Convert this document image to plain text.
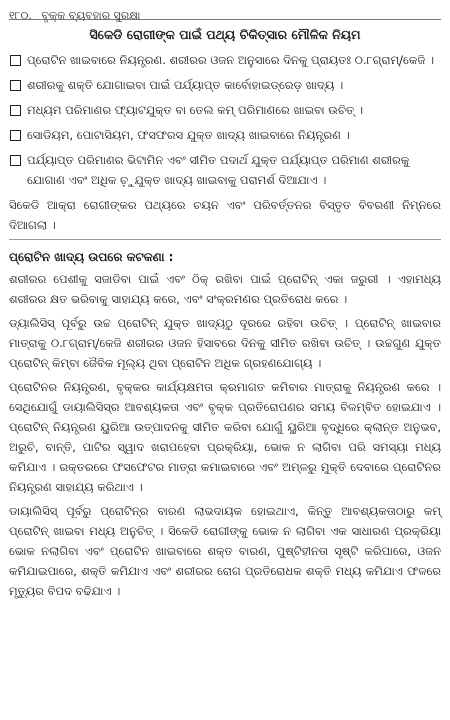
୧୮୦. ବୃକ୍କ ବ୍ୟବହାର ସୁରକ୍ଷା
ସିକେଡି ରୋଗୀଙ୍କ ପାଇଁ ପଥ୍ୟ ଚିକିତ୍ସାର ମୌଳିକ ନିୟମ
ପ୍ରୋଟିନ ଖାଇବାରେ ନିୟନ୍ତ୍ରଣ. ଶରୀରର ଓଜନ ଅନୁସାରେ ଦିନକୁ ପ୍ରାୟତଃ ୦.୮ଗ୍ରାମ୍/କେଜି ।
ଶରୀରକୁ ଶକ୍ତି ଯୋଗାଇବା ପାଇଁ ପର୍ଯ୍ୟାପ୍ତ କାର୍ବୋହାଇଡ୍ରେଡ଼ ଖାଦ୍ୟ ।
ମଧ୍ୟମ ପରିମାଣର ଫ୍ୟାଟଯୁକ୍ତ ବା ତେଲ କମ୍ ପରିମାଣରେ ଖାଇବା ଉଚିତ୍ ।
ସୋଡିୟମ, ପୋଟାସିୟମ, ଫସଫରସ ଯୁକ୍ତ ଖାଦ୍ୟ ଖାଇବାରେ ନିୟନ୍ତ୍ରଣ ।
ପର୍ଯ୍ୟାପ୍ତ ପରିମାଣର ଭିଟାମିନ ଏବଂ ସୀମିତ ପଦାର୍ଥ ଯୁକ୍ତ ପର୍ଯ୍ୟାପ୍ତ ପରିମାଣ ଶରୀରକୁ ଯୋଗାଣ ଏବଂ ଅଧିକ ଚ଼ୁଯୁକ୍ତ ଖାଦ୍ୟ ଖାଇବାକୁ ପରାମର୍ଶ ଦିଆଯାଏ ।

ସିକେଡି ଆକ୍ରା ରୋଗୀଙ୍କର ପଥ୍ୟରେ ଚୟନ ଏବଂ ପରିବର୍ତ୍ତନର ବିସ୍ତୃତ ବିବରଣୀ ନିମ୍ନରେ ଦିଆଗଲା ।

ପ୍ରୋଟିନ ଖାଦ୍ୟ ଉପରେ କଟକଣା :

ଶରୀରର ପେଶୀକୁ ସଜାଡିବା ପାଇଁ ଏବଂ ଠିକ୍ ରଖିବା ପାଇଁ ପ୍ରୋଟିନ୍ ଏକା ଜରୁରୀ । ଏହାମଧ୍ୟ ଶରୀରର କ୍ଷତ ଭରିବାକୁ ସାହାଯ୍ୟ କରେ, ଏବଂ ସଂକ୍ରମଣର ପ୍ରତିରୋଧ କରେ ।

ଡ୍ୟାଲିସିସ୍ ପୂର୍ବରୁ ଉଚ୍ଚ ପ୍ରୋଟିନ୍ ଯୁକ୍ତ ଖାଦ୍ୟଠୁ ଦୂରରେ ରହିବା ଉଚିତ୍ । ପ୍ରୋଟିନ୍ ଖାଇବାର ମାତ୍ରାକୁ ୦.୮ଗ୍ରାମ୍/କେଜି ଶରୀରର ଓଜନ ହିସାବରେ ଦିନକୁ ସୀମିତ ରଖିବା ଉଚିତ୍ । ଉଚ୍ଚଗୁଣ ଯୁକ୍ତ ପ୍ରୋଟିନ୍ କିମ୍ବା ଜୈବିକ ମୂଲ୍ୟ ଥିବା ପ୍ରୋଟିନ ଅଧିକ ଗ୍ରହଣଯୋଗ୍ୟ ।

ପ୍ରୋଟିନର ନିୟନ୍ତ୍ରଣ, ବୃକ୍କର କାର୍ଯ୍ୟକ୍ଷମତା କ୍ରମାଗତ କମିବାର ମାତ୍ରାକୁ ନିୟନ୍ତ୍ରଣ କରେ । ସେଥିଯୋଗୁଁ ଡାୟାଲିସିସ୍‌ର ଆବଶ୍ୟକତା ଏବଂ ବୃକ୍କ ପ୍ରତିରୋପଣର ସମୟ ବିଳମ୍ବିତ ହୋଇଯାଏ । ପ୍ରୋଟିନ୍ ନିୟନ୍ତ୍ରଣ ୟୁରିଆ ଉତ୍ପାଦନକୁ ସୀମିତ କରିବା ଯୋଗୁଁ ୟୁରିଆ ବୃଦ୍ଧିରେ କ୍ଲାନ୍ତ ଅନୁଭବ, ଅରୁଚି, ବାନ୍ତି, ପାଟିର ସ୍ୱାଦ ଖରାପହେବା ପ୍ରକ୍ରିୟା, ଭୋକ ନ ଲାଗିବା ପରି ସମସ୍ୟା ମଧ୍ୟ କମିଯାଏ । ରକ୍ତରରେ ଫସଫେଟର ମାତ୍ରା କମାଇବାରେ ଏବଂ ଅମ୍ଳରୁ ମୁକ୍ତି ଦେବାରେ ପ୍ରୋଟିନର ନିୟନ୍ତ୍ରଣ ସାହାଯ୍ୟ କରିଥାଏ ।

ଡାୟାଲିସିସ୍ ପୂର୍ବରୁ ପ୍ରୋଟିନ୍‌ର ବାରଣ ଲାଭଦାୟକ ହୋଇଥାଏ, କିନ୍ତୁ ଆବଶ୍ୟକତାଠାରୁ କମ୍ ପ୍ରୋଟିନ୍ ଖାଇବା ମଧ୍ୟ ଅନୁଚିତ୍ । ସିକେଡି ରୋଗୀଙ୍କୁ ଭୋକ ନ ଲାଗିବା ଏକ ସାଧାରଣ ପ୍ରକ୍ରିୟା ଭୋକ ନଲାଗିବା ଏବଂ ପ୍ରୋଟିନ ଖାଇବାରେ ଶକ୍ତ ବାରଣ, ପୁଷ୍ଟିହୀନତା ସୃଷ୍ଟି କରିପାରେ, ଓଜନ କମିଯାଇପାରେ, ଶକ୍ତି କମିଯାଏ ଏବଂ ଶରୀରର ରୋଗ ପ୍ରତିରୋଧକ ଶକ୍ତି ମଧ୍ୟ କମିଯାଏ ଫଳରେ ମୃତ୍ୟୁର ବିପଦ ବଢିଯାଏ ।
